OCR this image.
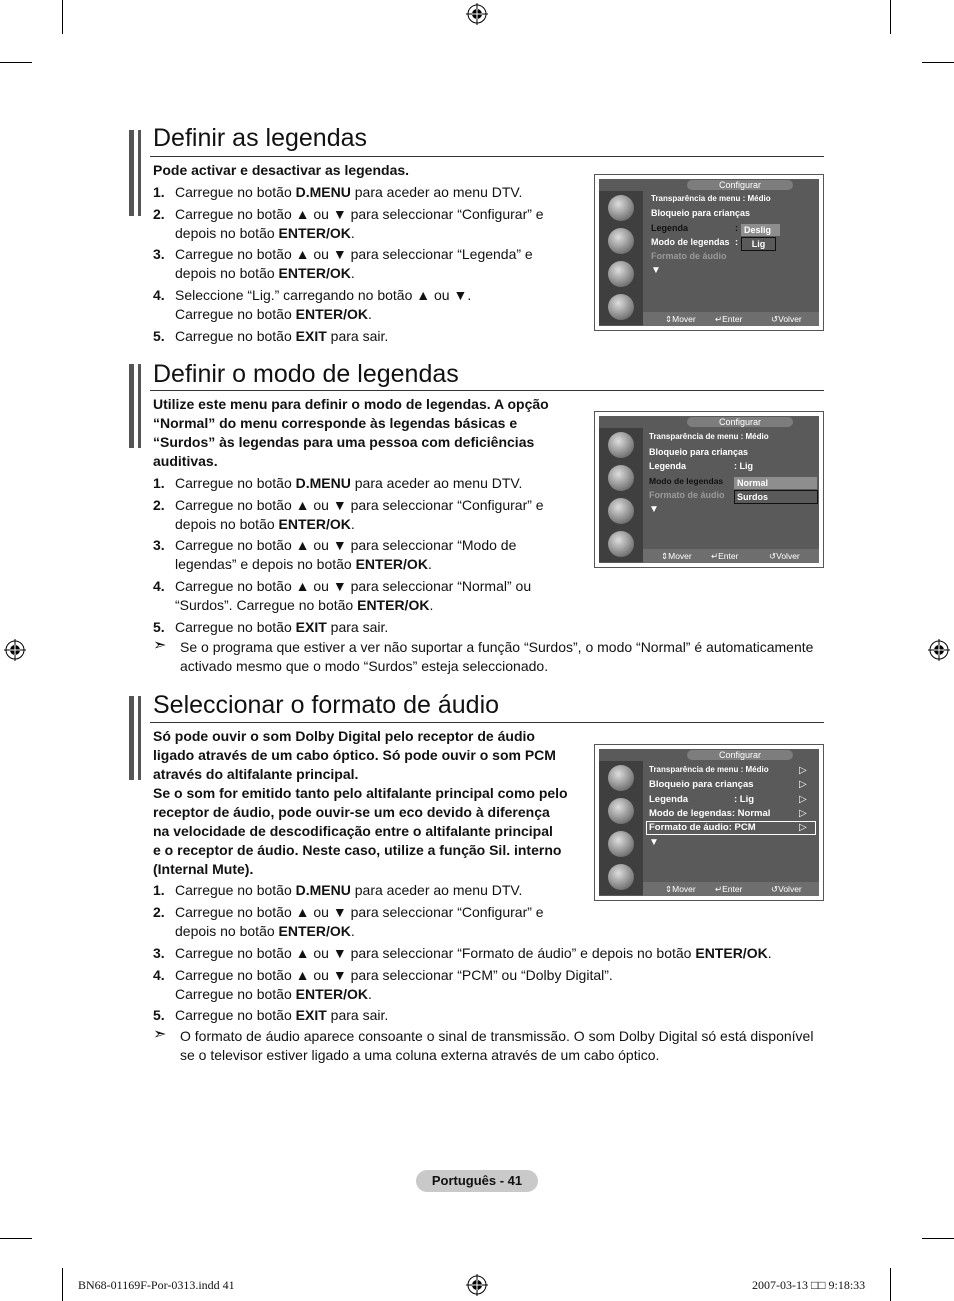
Definir as legendas
Pode activar e desactivar as legendas.
1. Carregue no botão D.MENU para aceder ao menu DTV.
2. Carregue no botão ▲ ou ▼ para seleccionar “Configurar” e
depois no botão ENTER/OK.
3. Carregue no botão ▲ ou ▼ para seleccionar “Legenda” e
depois no botão ENTER/OK.
4. Seleccione “Lig.” carregando no botão ▲ ou ▼.
Carregue no botão ENTER/OK.
5. Carregue no botão EXIT para sair.
Configurar
Transparência de menu : Médio
Bloqueio para crianças
Legenda	:
Modo de legendas :
Formato de áudio
▼
Deslig
Lig
⇕ Mover ↵ Enter	↺ Volver
Definir o modo de legendas
Utilize este menu para definir o modo de legendas. A opção
“Normal” do menu corresponde às legendas básicas e
“Surdos” às legendas para uma pessoa com deficiências
auditivas.
1. Carregue no botão D.MENU para aceder ao menu DTV.
2. Carregue no botão ▲ ou ▼ para seleccionar “Configurar” e
depois no botão ENTER/OK.
3. Carregue no botão ▲ ou ▼ para seleccionar “Modo de
legendas” e depois no botão ENTER/OK.
4. Carregue no botão ▲ ou ▼ para seleccionar “Normal” ou
“Surdos”. Carregue no botão ENTER/OK.
5. Carregue no botão EXIT para sair.
➣ Se o programa que estiver a ver não suportar a função “Surdos”, o modo “Normal” é automaticamente
activado mesmo que o modo “Surdos” esteja seleccionado.
Configurar
Transparência de menu : Médio
Bloqueio para crianças
Legenda	: Lig
Modo de legendas
Formato de áudio
▼
Normal
Surdos
⇕ Mover ↵ Enter	↺ Volver
Seleccionar o formato de áudio
Só pode ouvir o som Dolby Digital pelo receptor de áudio
ligado através de um cabo óptico. Só pode ouvir o som PCM
através do altifalante principal.
Se o som for emitido tanto pelo altifalante principal como pelo
receptor de áudio, pode ouvir-se um eco devido à diferença
na velocidade de descodificação entre o altifalante principal
e o receptor de áudio. Neste caso, utilize a função Sil. interno
(Internal Mute).
1. Carregue no botão D.MENU para aceder ao menu DTV.
2. Carregue no botão ▲ ou ▼ para seleccionar “Configurar” e
depois no botão ENTER/OK.
3. Carregue no botão ▲ ou ▼ para seleccionar “Formato de áudio” e depois no botão ENTER/OK.
4. Carregue no botão ▲ ou ▼ para seleccionar “PCM” ou “Dolby Digital”.
Carregue no botão ENTER/OK.
5. Carregue no botão EXIT para sair.
➣ O formato de áudio aparece consoante o sinal de transmissão. O som Dolby Digital só está disponível
se o televisor estiver ligado a uma coluna externa através de um cabo óptico.
Configurar
Transparência de menu : Médio
Bloqueio para crianças
Legenda	: Lig
Modo de legendas: Normal
Formato de áudio: PCM
▷
▷
▷
▷
▷
▼
⇕ Mover ↵ Enter	↺ Volver
Português - 41
BN68-01169F-Por-0313.indd 41	2007-03-13 □□ 9:18:33
